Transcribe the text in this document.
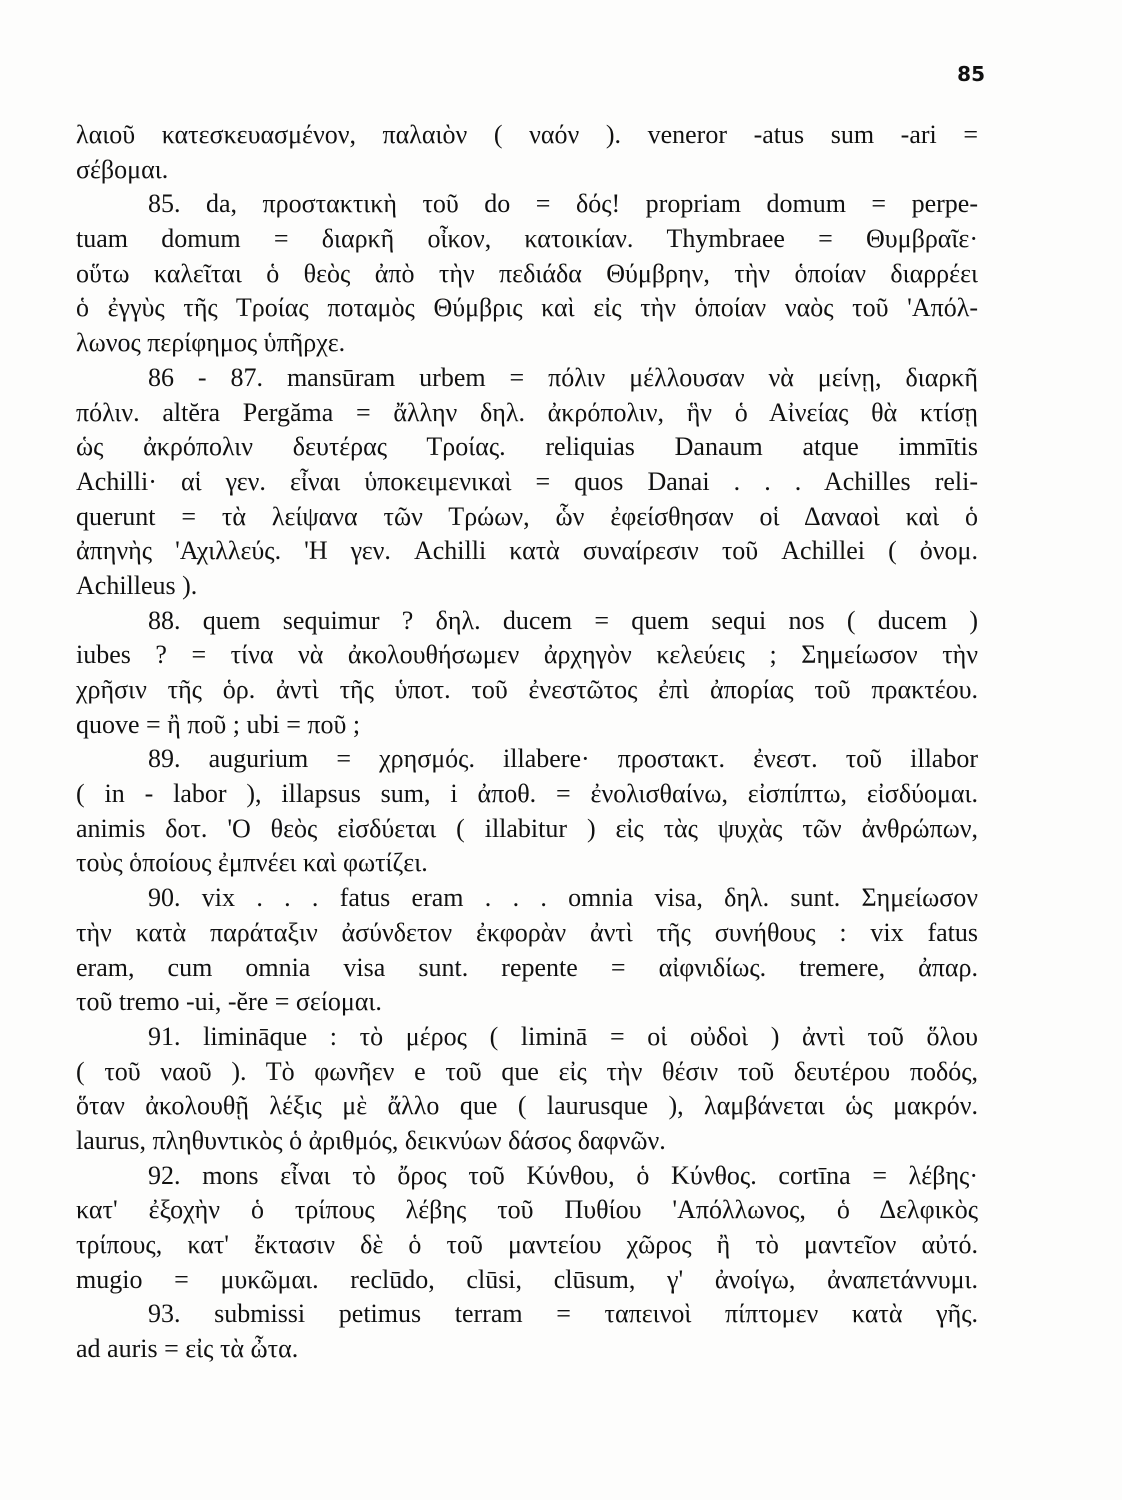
85
λαιοῦ κατεσκευασμένον, παλαιὸν ( ναόν ). veneror -atus sum -ari =
σέβομαι.
85. da, προστακτικὴ τοῦ do = δός! propriam domum = perpe-
tuam domum = διαρκῆ οἶκον, κατοικίαν. Thymbraee = Θυμβραῖε·
οὕτω καλεῖται ὁ θεὸς ἀπὸ τὴν πεδιάδα Θύμβρην, τὴν ὁποίαν διαρρέει
ὁ ἐγγὺς τῆς Τροίας ποταμὸς Θύμβρις καὶ εἰς τὴν ὁποίαν ναὸς τοῦ 'Απόλ-
λωνος περίφημος ὑπῆρχε.
86 - 87. mansūram urbem = πόλιν μέλλουσαν νὰ μείνῃ, διαρκῆ
πόλιν. altĕra Pergăma = ἄλλην δηλ. ἀκρόπολιν, ἣν ὁ Αἰνείας θὰ κτίσῃ
ὡς ἀκρόπολιν δευτέρας Τροίας. reliquias Danaum atque immītis
Achilli· αἱ γεν. εἶναι ὑποκειμενικαὶ = quos Danai . . . Achilles reli-
querunt = τὰ λείψανα τῶν Τρώων, ὧν ἐφείσθησαν οἱ Δαναοὶ καὶ ὁ
ἀπηνὴς 'Αχιλλεύς. 'Η γεν. Achilli κατὰ συναίρεσιν τοῦ Achillei ( ὀνομ.
Achilleus ).
88. quem sequimur ? δηλ. ducem = quem sequi nos ( ducem )
iubes ? = τίνα νὰ ἀκολουθήσωμεν ἀρχηγὸν κελεύεις ; Σημείωσον τὴν
χρῆσιν τῆς ὁρ. ἀντὶ τῆς ὑποτ. τοῦ ἐνεστῶτος ἐπὶ ἀπορίας τοῦ πρακτέου.
quove = ἢ ποῦ ; ubi = ποῦ ;
89. augurium = χρησμός. illabere· προστακτ. ἐνεστ. τοῦ illabor
( in - labor ), illapsus sum, i ἀποθ. = ἐνολισθαίνω, εἰσπίπτω, εἰσδύομαι.
animis δοτ. 'Ο θεὸς εἰσδύεται ( illabitur ) εἰς τὰς ψυχὰς τῶν ἀνθρώπων,
τοὺς ὁποίους ἐμπνέει καὶ φωτίζει.
90. vix . . . fatus eram . . . omnia visa, δηλ. sunt. Σημείωσον
τὴν κατὰ παράταξιν ἀσύνδετον ἐκφορὰν ἀντὶ τῆς συνήθους : vix fatus
eram, cum omnia visa sunt. repente = αἰφνιδίως. tremere, ἀπαρ.
τοῦ tremo -ui, -ĕre = σείομαι.
91. limināque : τὸ μέρος ( liminā = οἱ οὐδοὶ ) ἀντὶ τοῦ ὅλου
( τοῦ ναοῦ ). Τὸ φωνῆεν e τοῦ que εἰς τὴν θέσιν τοῦ δευτέρου ποδός,
ὅταν ἀκολουθῇ λέξις μὲ ἄλλο que ( laurusque ), λαμβάνεται ὡς μακρόν.
laurus, πληθυντικὸς ὁ ἀριθμός, δεικνύων δάσος δαφνῶν.
92. mons εἶναι τὸ ὄρος τοῦ Κύνθου, ὁ Κύνθος. cortīna = λέβης·
κατ' ἐξοχὴν ὁ τρίπους λέβης τοῦ Πυθίου 'Απόλλωνος, ὁ Δελφικὸς
τρίπους, κατ' ἔκτασιν δὲ ὁ τοῦ μαντείου χῶρος ἢ τὸ μαντεῖον αὐτό.
mugio = μυκῶμαι. reclūdo, clūsi, clūsum, γ' ἀνοίγω, ἀναπετάννυμι.
93. submissi petimus terram = ταπεινοὶ πίπτομεν κατὰ γῆς.
ad auris = εἰς τὰ ὦτα.
